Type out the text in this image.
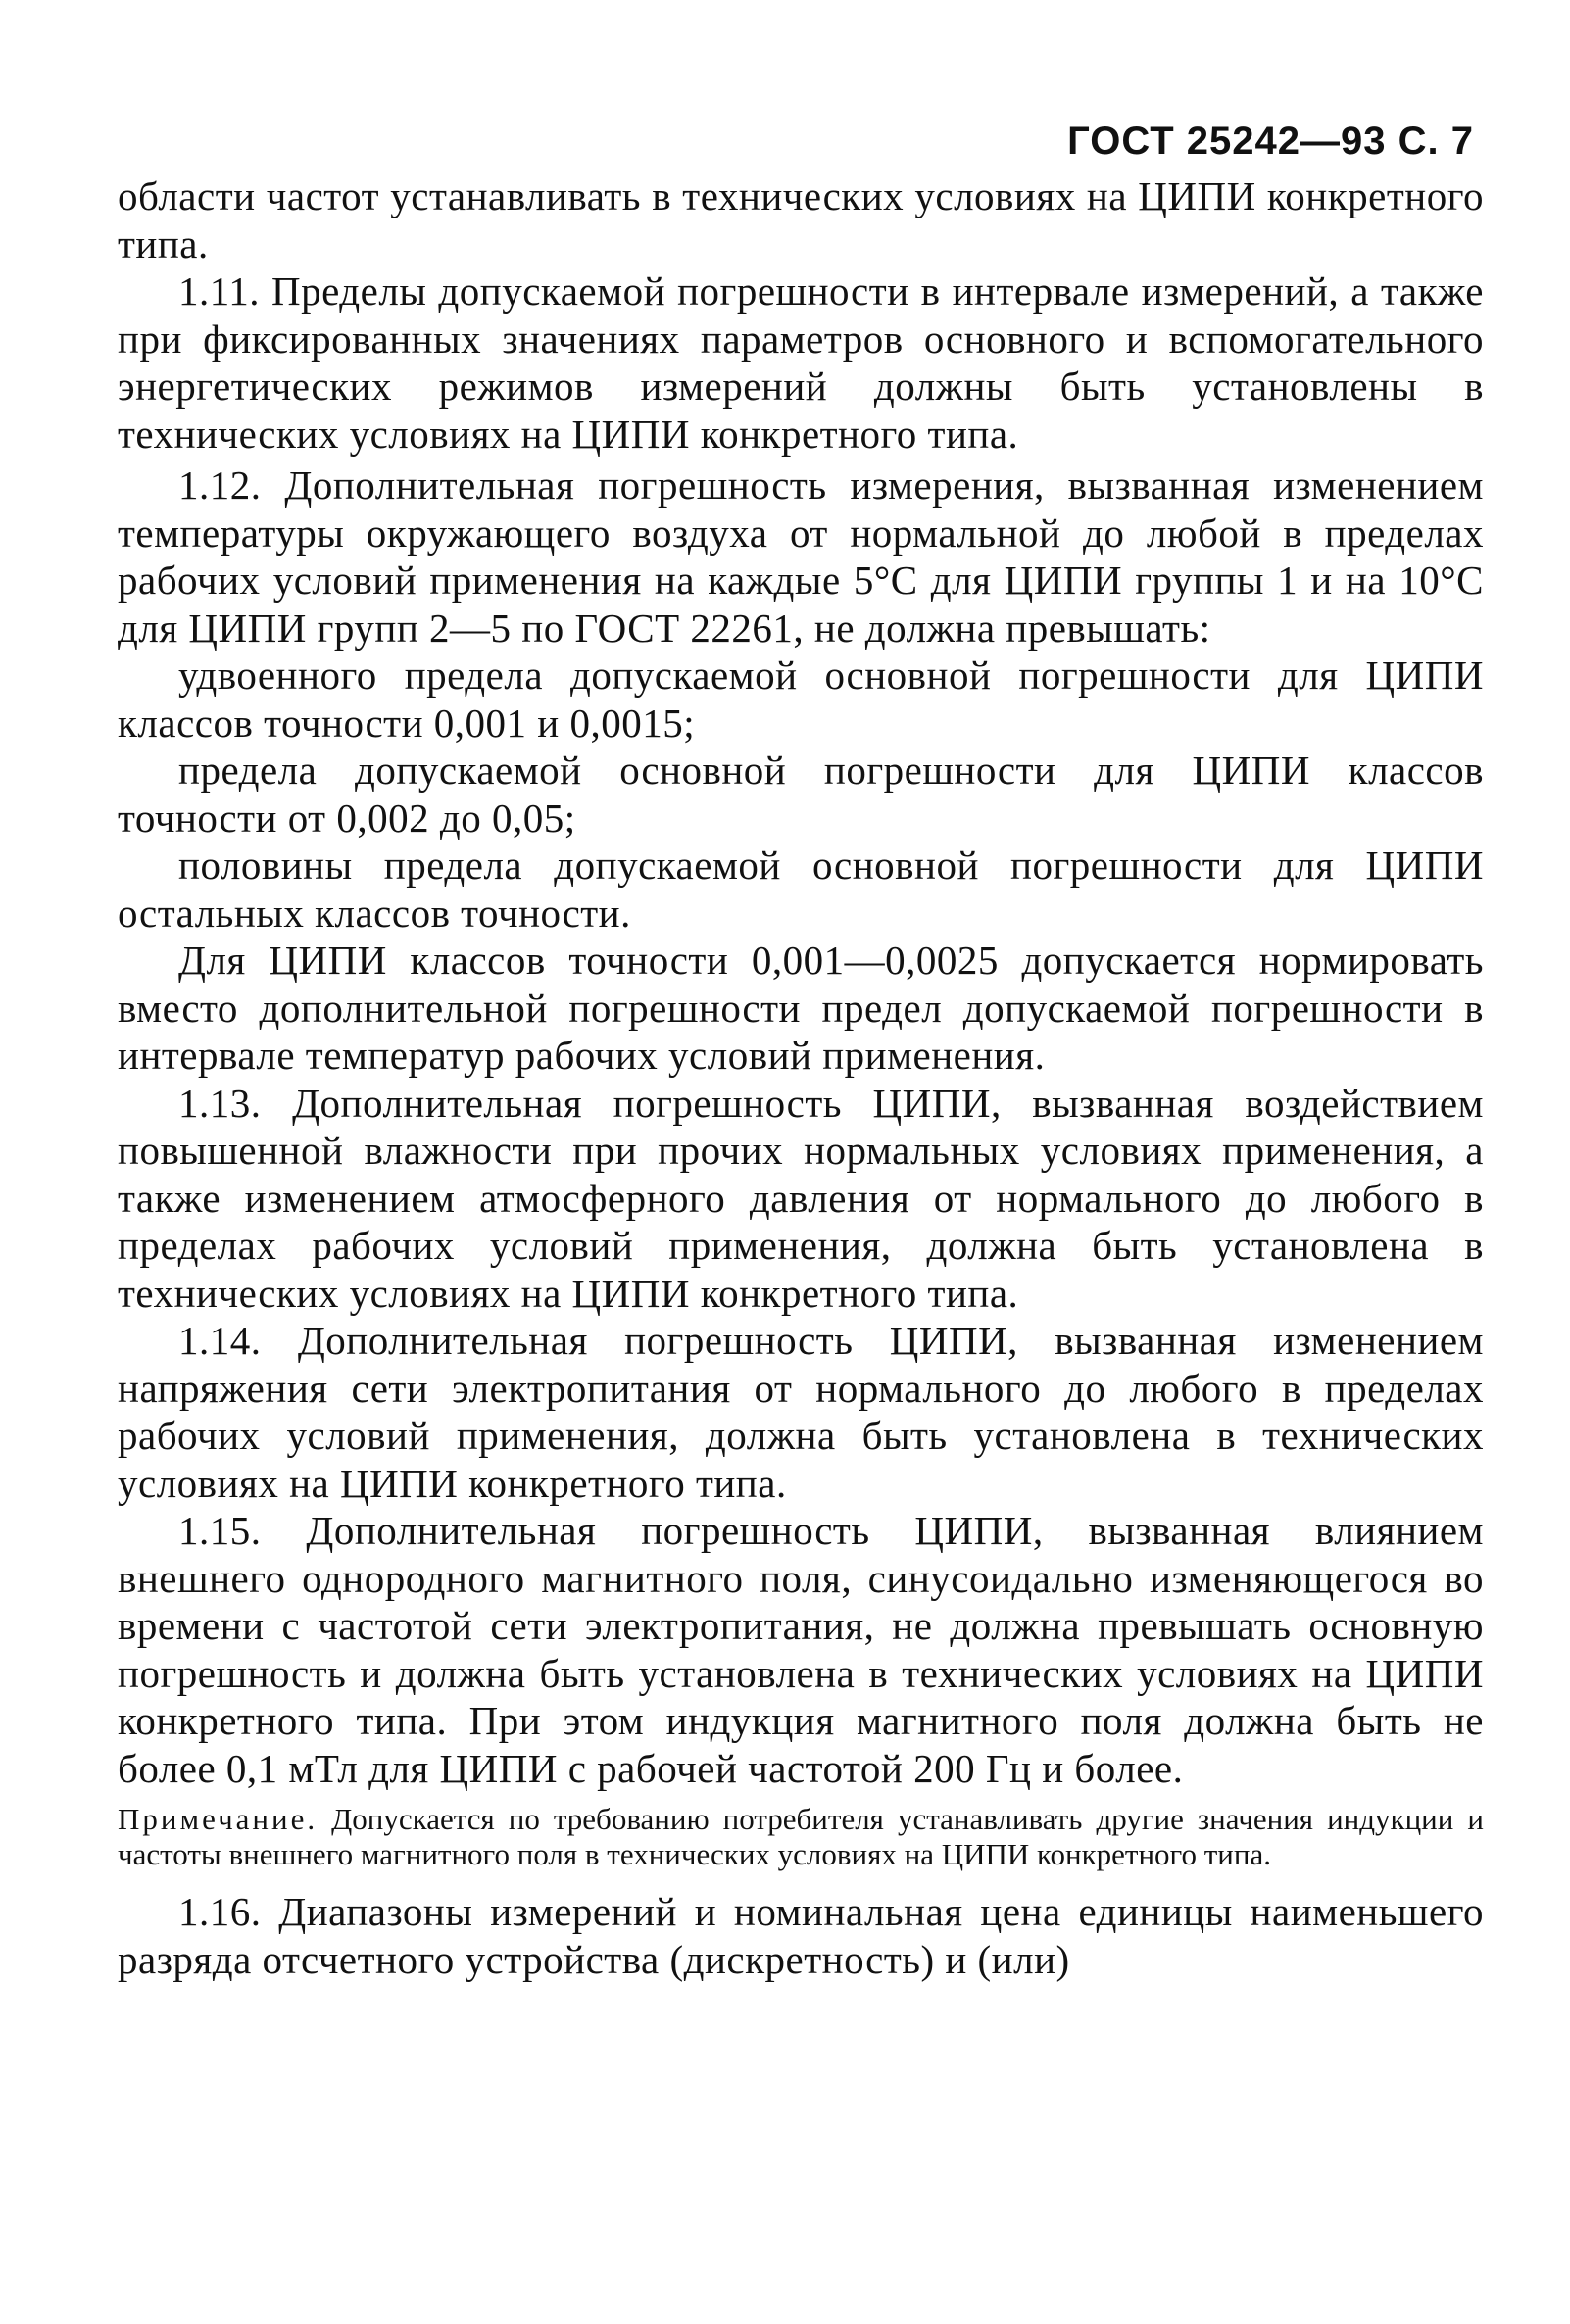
ГОСТ 25242—93 С. 7

области частот устанавливать в технических условиях на ЦИПИ конкретного типа.

1.11. Пределы допускаемой погрешности в интервале измерений, а также при фиксированных значениях параметров основного и вспомогательного энергетических режимов измерений должны быть установлены в технических условиях на ЦИПИ конкретного типа.

1.12. Дополнительная погрешность измерения, вызванная изменением температуры окружающего воздуха от нормальной до любой в пределах рабочих условий применения на каждые 5°С для ЦИПИ группы 1 и на 10°С для ЦИПИ групп 2—5 по ГОСТ 22261, не должна превышать:

удвоенного предела допускаемой основной погрешности для ЦИПИ классов точности 0,001 и 0,0015;

предела допускаемой основной погрешности для ЦИПИ классов точности от 0,002 до 0,05;

половины предела допускаемой основной погрешности для ЦИПИ остальных классов точности.

Для ЦИПИ классов точности 0,001—0,0025 допускается нормировать вместо дополнительной погрешности предел допускаемой погрешности в интервале температур рабочих условий применения.

1.13. Дополнительная погрешность ЦИПИ, вызванная воздействием повышенной влажности при прочих нормальных условиях применения, а также изменением атмосферного давления от нормального до любого в пределах рабочих условий применения, должна быть установлена в технических условиях на ЦИПИ конкретного типа.

1.14. Дополнительная погрешность ЦИПИ, вызванная изменением напряжения сети электропитания от нормального до любого в пределах рабочих условий применения, должна быть установлена в технических условиях на ЦИПИ конкретного типа.

1.15. Дополнительная погрешность ЦИПИ, вызванная влиянием внешнего однородного магнитного поля, синусоидально изменяющегося во времени с частотой сети электропитания, не должна превышать основную погрешность и должна быть установлена в технических условиях на ЦИПИ конкретного типа. При этом индукция магнитного поля должна быть не более 0,1 мТл для ЦИПИ с рабочей частотой 200 Гц и более.

Примечание. Допускается по требованию потребителя устанавливать другие значения индукции и частоты внешнего магнитного поля в технических условиях на ЦИПИ конкретного типа.

1.16. Диапазоны измерений и номинальная цена единицы наименьшего разряда отсчетного устройства (дискретность) и (или)
